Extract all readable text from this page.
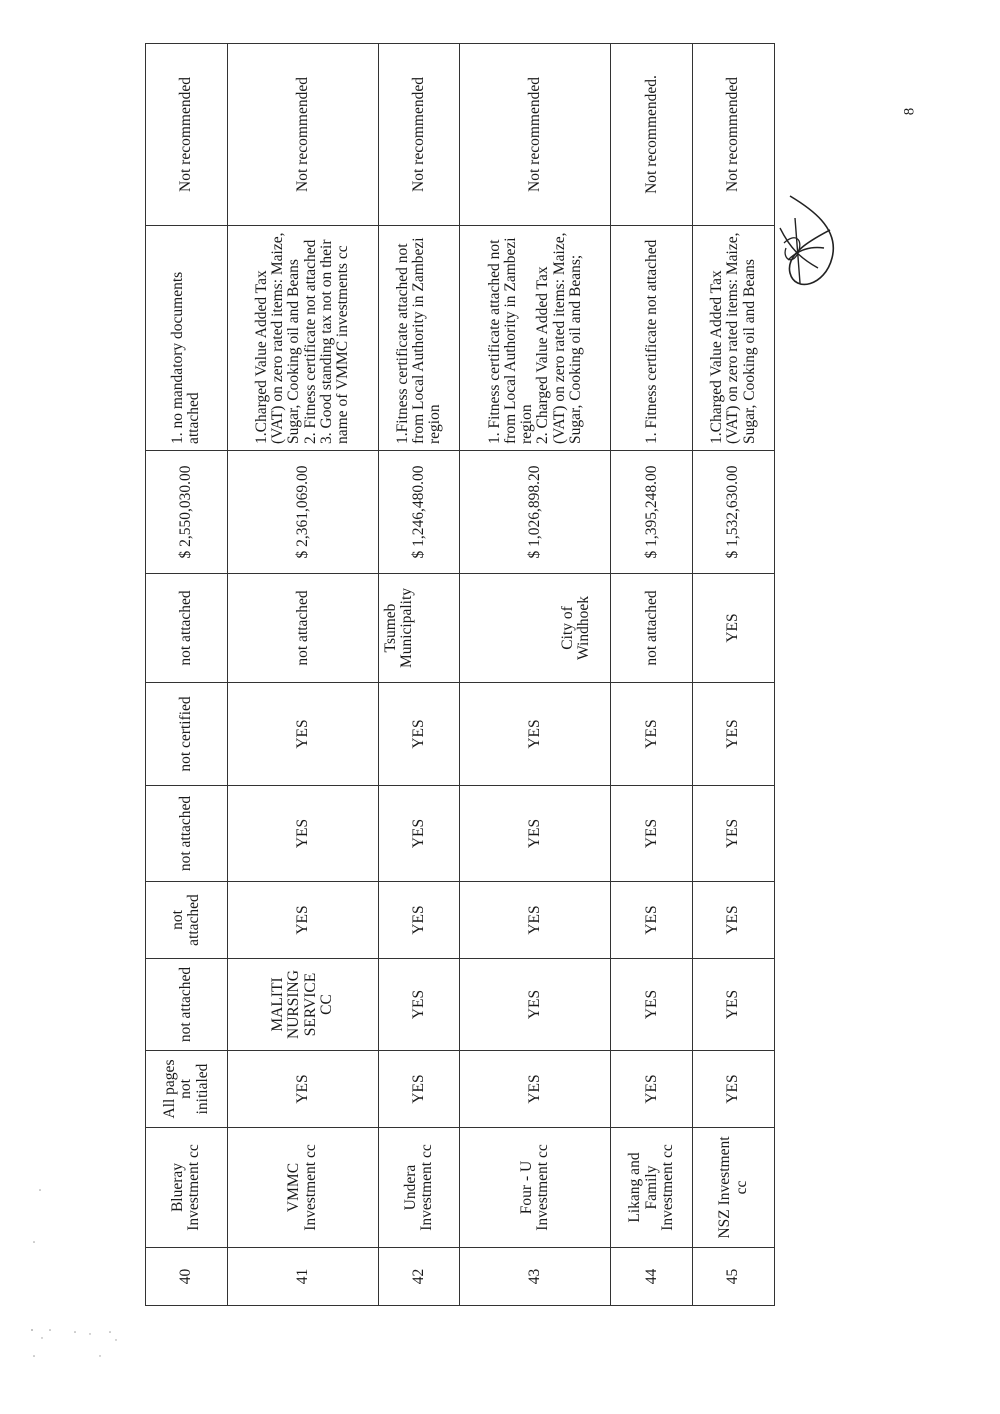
40	Blueray Investment cc	All pages not initialed	not attached	not attached	not attached	not certified	not attached	$ 2,550,030.00	1. no mandatory documents attached	Not recommended
41	VMMC Investment cc	YES	MALITI NURSING SERVICE CC	YES	YES	YES	not attached	$ 2,361,069.00	1.Charged Value Added Tax (VAT) on zero rated items: Maize, Sugar, Cooking oil and Beans 2. Fitness certificate not attached 3. Good standing tax not on their name of VMMC investments cc	Not recommended
42	Undera Investment cc	YES	YES	YES	YES	YES	Tsumeb Municipality	$ 1,246,480.00	1.Fitness certificate attached not from Local Authority in Zambezi region	Not recommended
43	Four - U Investment cc	YES	YES	YES	YES	YES	City of Windhoek	$ 1,026,898.20	1. Fitness certificate attached not from Local Authority in Zambezi region 2. Charged Value Added Tax (VAT) on zero rated items: Maize, Sugar, Cooking oil and Beans;	Not recommended
44	Likang and Family Investment cc	YES	YES	YES	YES	YES	not attached	$ 1,395,248.00	1. Fitness certificate not attached	Not recommended.
45	NSZ Investment cc	YES	YES	YES	YES	YES	YES	$ 1,532,630.00	1.Charged Value Added Tax (VAT) on zero rated items: Maize, Sugar, Cooking oil and Beans	Not recommended	8
